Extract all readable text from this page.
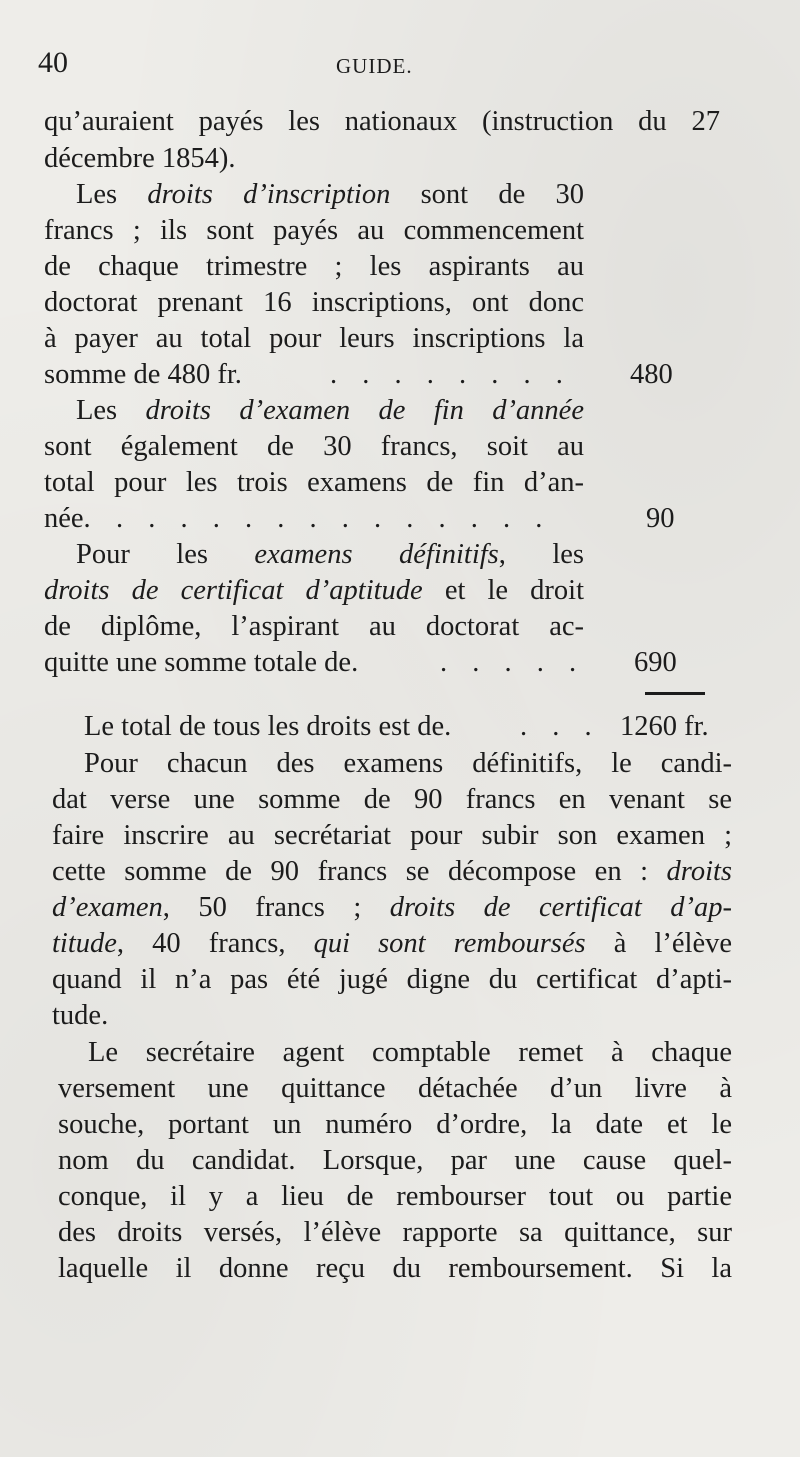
40	GUIDE.
qu’auraient payés les nationaux (instruction du 27
décembre 1854).
Les droits d’inscription sont de 30
francs ; ils sont payés au commencement
de chaque trimestre ; les aspirants au
doctorat prenant 16 inscriptions, ont donc
à payer au total pour leurs inscriptions la
somme de 480 fr.	. . . . . . . . 480
Les droits d’examen de fin d’année
sont également de 30 francs, soit au
total pour les trois examens de fin d’an-
née. . . . . . . . . . . . . . .	90
Pour les examens définitifs, les
droits de certificat d’aptitude et le droit
de diplôme, l’aspirant au doctorat ac-
quitte une somme totale de.	. . . . . 690
Le total de tous les droits est de. . . . 1260 fr.
Pour chacun des examens définitifs, le candi-
dat verse une somme de 90 francs en venant se
faire inscrire au secrétariat pour subir son examen ;
cette somme de 90 francs se décompose en : droits
d’examen, 50 francs ; droits de certificat d’ap-
titude, 40 francs, qui sont remboursés à l’élève
quand il n’a pas été jugé digne du certificat d’apti-
tude.
Le secrétaire agent comptable remet à chaque
versement une quittance détachée d’un livre à
souche, portant un numéro d’ordre, la date et le
nom du candidat. Lorsque, par une cause quel-
conque, il y a lieu de rembourser tout ou partie
des droits versés, l’élève rapporte sa quittance, sur
laquelle il donne reçu du remboursement. Si la
